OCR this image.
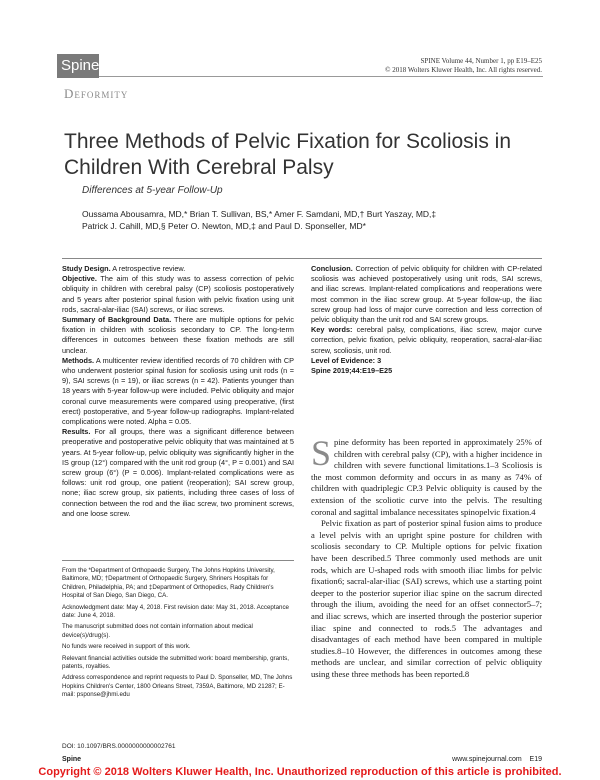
Spine	SPINE Volume 44, Number 1, pp E19–E25
© 2018 Wolters Kluwer Health, Inc. All rights reserved.
Deformity
Three Methods of Pelvic Fixation for Scoliosis in Children With Cerebral Palsy
Differences at 5-year Follow-Up
Oussama Abousamra, MD,* Brian T. Sullivan, BS,* Amer F. Samdani, MD,† Burt Yaszay, MD,‡
Patrick J. Cahill, MD,§ Peter O. Newton, MD,‡ and Paul D. Sponseller, MD*

Study Design. A retrospective review.

Objective. The aim of this study was to assess correction of pelvic obliquity in children with cerebral palsy (CP) scoliosis postoperatively and 5 years after posterior spinal fusion with pelvic fixation using unit rods, sacral-alar-iliac (SAI) screws, or iliac screws.

Summary of Background Data. There are multiple options for pelvic fixation in children with scoliosis secondary to CP. The long-term differences in outcomes between these fixation methods are still unclear.

Methods. A multicenter review identified records of 70 children with CP who underwent posterior spinal fusion for scoliosis using unit rods (n = 9), SAI screws (n = 19), or iliac screws (n = 42). Patients younger than 18 years with 5-year follow-up were included. Pelvic obliquity and major coronal curve measurements were compared using preoperative, (first erect) postoperative, and 5-year follow-up radiographs. Implant-related complications were noted. Alpha = 0.05.

Results. For all groups, there was a significant difference between preoperative and postoperative pelvic obliquity that was maintained at 5 years. At 5-year follow-up, pelvic obliquity was significantly higher in the IS group (12°) compared with the unit rod group (4°, P = 0.001) and SAI screw group (6°) (P = 0.006). Implant-related complications were as follows: unit rod group, one patient (reoperation); SAI screw group, none; iliac screw group, six patients, including three cases of loss of connection between the rod and the iliac screw, two prominent screws, and one loose screw.

Conclusion. Correction of pelvic obliquity for children with CP-related scoliosis was achieved postoperatively using unit rods, SAI screws, and iliac screws. Implant-related complications and reoperations were most common in the iliac screw group. At 5-year follow-up, the iliac screw group had loss of major curve correction and less correction of pelvic obliquity than the unit rod and SAI screw groups.

Key words: cerebral palsy, complications, iliac screw, major curve correction, pelvic fixation, pelvic obliquity, reoperation, sacral-alar-iliac screw, scoliosis, unit rod.

Level of Evidence: 3

Spine 2019;44:E19–E25

From the *Department of Orthopaedic Surgery, The Johns Hopkins University, Baltimore, MD; †Department of Orthopaedic Surgery, Shriners Hospitals for Children, Philadelphia, PA; and ‡Department of Orthopedics, Rady Children's Hospital of San Diego, San Diego, CA.

Acknowledgment date: May 4, 2018. First revision date: May 31, 2018. Acceptance date: June 4, 2018.

The manuscript submitted does not contain information about medical device(s)/drug(s).

No funds were received in support of this work.

Relevant financial activities outside the submitted work: board membership, grants, patents, royalties.

Address correspondence and reprint requests to Paul D. Sponseller, MD, The Johns Hopkins Children's Center, 1800 Orleans Street, 7359A, Baltimore, MD 21287; E-mail: psponse@jhmi.edu

DOI: 10.1097/BRS.0000000000002761

Spine deformity has been reported in approximately 25% of children with cerebral palsy (CP), with a higher incidence in children with severe functional limitations.1–3 Scoliosis is the most common deformity and occurs in as many as 74% of children with quadriplegic CP.3 Pelvic obliquity is caused by the extension of the scoliotic curve into the pelvis. The resulting coronal and sagittal imbalance necessitates spinopelvic fixation.4

Pelvic fixation as part of posterior spinal fusion aims to produce a level pelvis with an upright spine posture for children with scoliosis secondary to CP. Multiple options for pelvic fixation have been described.5 Three commonly used methods are unit rods, which are U-shaped rods with smooth iliac limbs for pelvic fixation6; sacral-alar-iliac (SAI) screws, which use a starting point deeper to the posterior superior iliac spine on the sacrum directed through the ilium, avoiding the need for an offset connector5–7; and iliac screws, which are inserted through the posterior superior iliac spine and connected to rods.5 The advantages and disadvantages of each method have been compared in multiple studies.8–10 However, the differences in outcomes among these methods are unclear, and similar correction of pelvic obliquity using these three methods has been reported.8

Spine	www.spinejournal.com    E19
Copyright © 2018 Wolters Kluwer Health, Inc. Unauthorized reproduction of this article is prohibited.
